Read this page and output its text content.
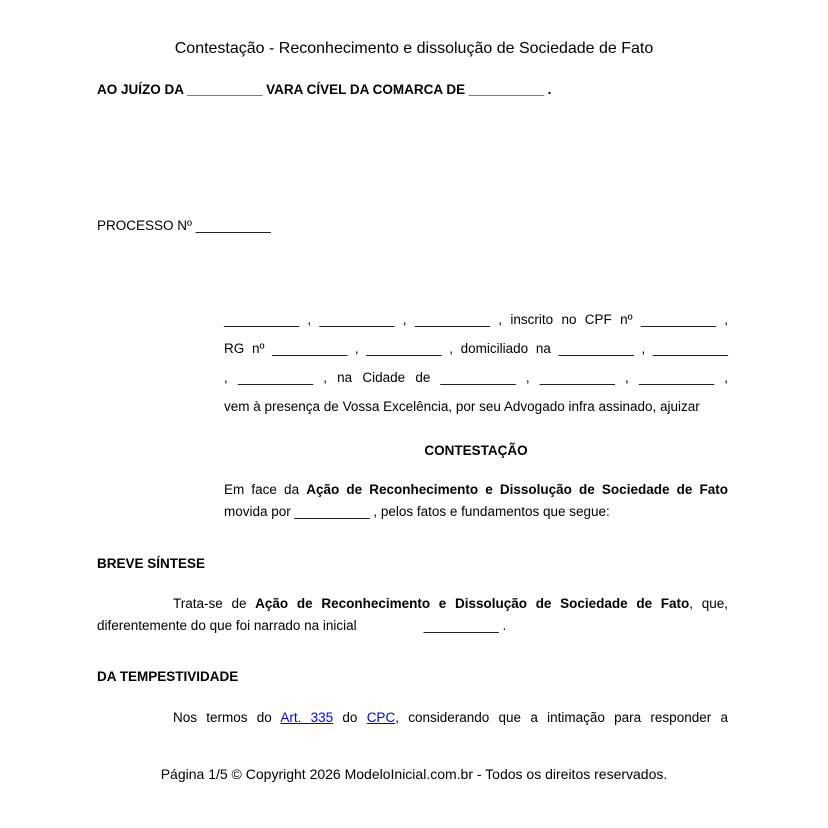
Contestação - Reconhecimento e dissolução de Sociedade de Fato
AO JUÍZO DA __________ VARA CÍVEL DA COMARCA DE __________ .
PROCESSO Nº __________
__________ , __________ , __________ , inscrito no CPF nº __________ ,
RG nº __________ , __________ , domiciliado na __________ , __________
, __________ , na Cidade de __________ , __________ , __________ ,
vem à presença de Vossa Excelência, por seu Advogado infra assinado, ajuizar
CONTESTAÇÃO
Em face da Ação de Reconhecimento e Dissolução de Sociedade de Fato
movida por __________ , pelos fatos e fundamentos que segue:
BREVE SÍNTESE
Trata-se de Ação de Reconhecimento e Dissolução de Sociedade de Fato, que,
diferentemente do que foi narrado na inicial	__________ .
DA TEMPESTIVIDADE
Nos termos do Art. 335 do CPC, considerando que a intimação para responder a
Página 1/5 © Copyright 2026 ModeloInicial.com.br - Todos os direitos reservados.
